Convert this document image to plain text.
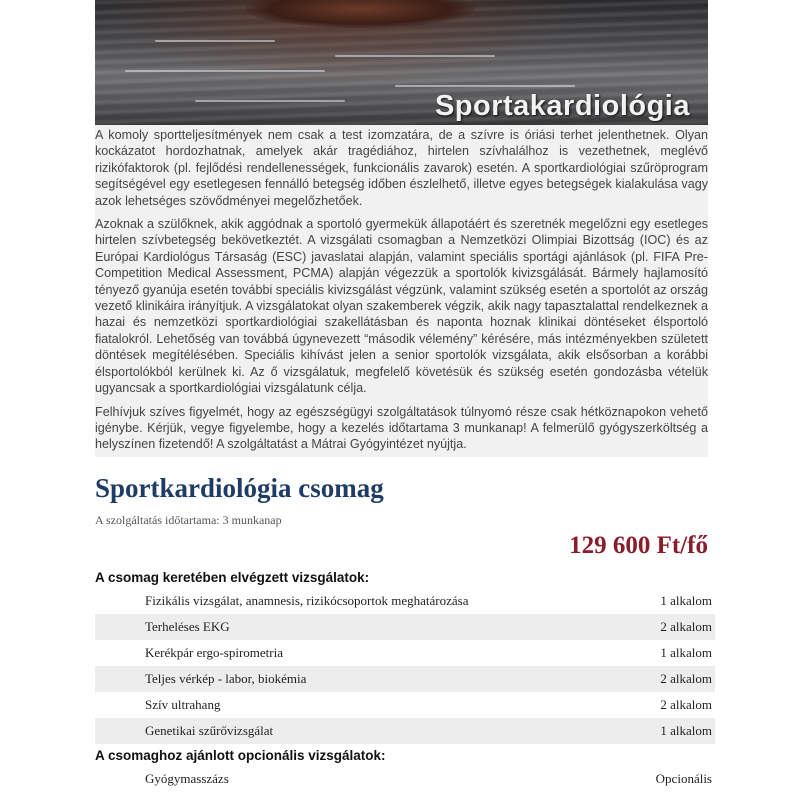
Sportakardiológia

A komoly sportteljesítmények nem csak a test izomzatára, de a szívre is óriási terhet jelenthetnek. Olyan kockázatot hordozhatnak, amelyek akár tragédiához, hirtelen szívhalálhoz is vezethetnek, meglévő rizikófaktorok (pl. fejlődési rendellenességek, funkcionális zavarok) esetén. A sportkardiológiai szűröprogram segítségével egy esetlegesen fennálló betegség időben észlelhető, illetve egyes betegségek kialakulása vagy azok lehetséges szövődményei megelőzhetőek.

Azoknak a szülőknek, akik aggódnak a sportoló gyermekük állapotáért és szeretnék megelőzni egy esetleges hirtelen szívbetegség bekövetkeztét. A vizsgálati csomagban a Nemzetközi Olimpiai Bizottság (IOC) és az Európai Kardiológus Társaság (ESC) javaslatai alapján, valamint speciális sportági ajánlások (pl. FIFA Pre-Competition Medical Assessment, PCMA) alapján végezzük a sportolók kivizsgálását. Bármely hajlamosító tényező gyanúja esetén további speciális kivizsgálást végzünk, valamint szükség esetén a sportolót az ország vezető klinikáira irányítjuk. A vizsgálatokat olyan szakemberek végzik, akik nagy tapasztalattal rendelkeznek a hazai és nemzetközi sportkardiológiai szakellátásban és naponta hoznak klinikai döntéseket élsportoló fiatalokról. Lehetőség van továbbá úgynevezett “második vélemény” kérésére, más intézményekben született döntések megítélésében. Speciális kihívást jelen a senior sportolók vizsgálata, akik elsősorban a korábbi élsportolókból kerülnek ki. Az ő vizsgálatuk, megfelelő követésük és szükség esetén gondozásba vételük ugyancsak a sportkardiológiai vizsgálatunk célja.

Felhívjuk szíves figyelmét, hogy az egészségügyi szolgáltatások túlnyomó része csak hétköznapokon vehető igénybe. Kérjük, vegye figyelembe, hogy a kezelés időtartama 3 munkanap! A felmerülő gyógyszerköltség a helyszínen fizetendő! A szolgáltatást a Mátrai Gyógyintézet nyújtja.

Sportkardiológia csomag
A szolgáltatás időtartama: 3 munkanap
129 600 Ft/fő
A csomag keretében elvégzett vizsgálatok:
Fizikális vizsgálat, anamnesis, rizikócsoportok meghatározása	1 alkalom
Terheléses EKG	2 alkalom
Kerékpár ergo-spirometria	1 alkalom
Teljes vérkép - labor, biokémia	2 alkalom
Szív ultrahang	2 alkalom
Genetikai szűrővizsgálat	1 alkalom
A csomaghoz ajánlott opcionális vizsgálatok:
Gyógymasszázs	Opcionális
